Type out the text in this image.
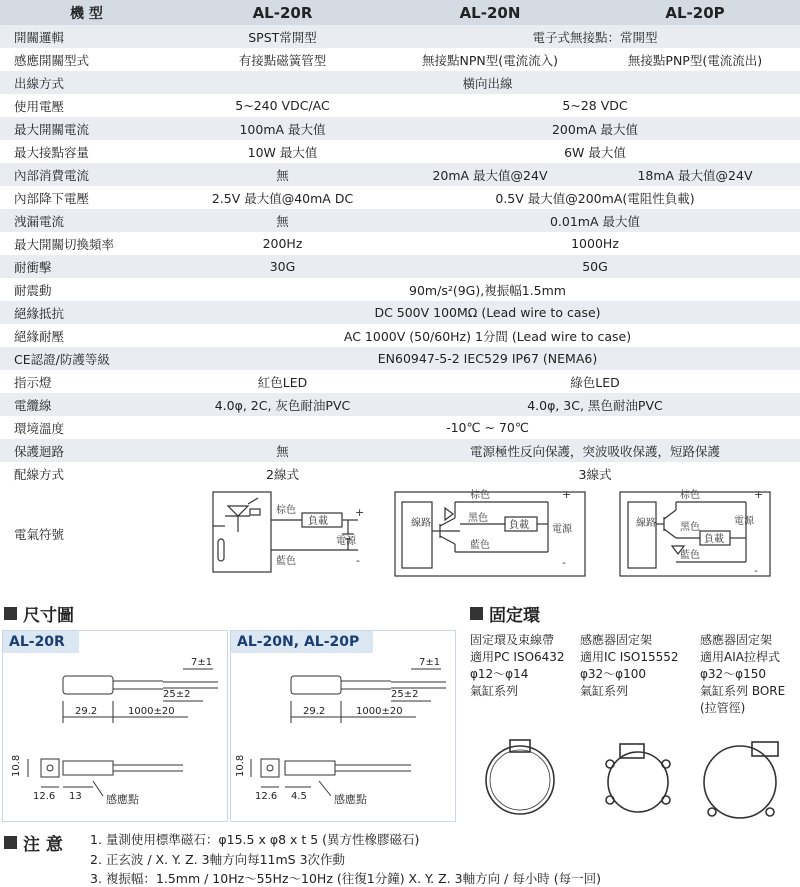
機 型	AL-20R	AL-20N	AL-20P
開關邏輯	SPST常開型	電子式無接點：常開型
感應開關型式	有接點磁簧管型	無接點NPN型(電流流入)	無接點PNP型(電流流出)
出線方式	橫向出線
使用電壓	5~240 VDC/AC	5~28 VDC
最大開關電流	100mA 最大值	200mA 最大值
最大接點容量	10W 最大值	6W 最大值
內部消費電流	無	20mA 最大值@24V	18mA 最大值@24V
內部降下電壓	2.5V 最大值@40mA DC	0.5V 最大值@200mA(電阻性負載)
洩漏電流	無	0.01mA 最大值
最大開關切換頻率	200Hz	1000Hz
耐衝擊	30G	50G
耐震動	90m/s²(9G),複振幅1.5mm
絕緣抵抗	DC 500V 100MΩ (Lead wire to case)
絕緣耐壓	AC 1000V (50/60Hz) 1分間 (Lead wire to case)
CE認證/防護等級	EN60947-5-2 IEC529 IP67 (NEMA6)
指示燈	紅色LED	綠色LED
電纜線	4.0φ, 2C, 灰色耐油PVC	4.0φ, 3C, 黑色耐油PVC
環境溫度	-10℃ ~ 70℃
保護迴路	無	電源極性反向保護，突波吸收保護，短路保護
配線方式	2線式	3線式
電氣符號
棕色
負載
電源
藍色
+
-
棕色
黑色
負載 電源
藍色
線路
+
-
棕色
黑色
負載
電源
藍色
線路
+
-
尺寸圖
AL-20R
7±1
25±2
29.2	1000±20
10.8
12.6 13 感應點
AL-20N, AL-20P
7±1
25±2
29.2	1000±20
10.8
12.6 4.5 感應點
固定環
固定環及束線帶
適用PC ISO6432
φ12～φ14
氣缸系列
感應器固定架
適用IC ISO15552
φ32～φ100
氣缸系列
感應器固定架
適用AIA拉桿式
φ32～φ150
氣缸系列 BORE
(拉管徑)
注 意 1. 量測使用標準磁石：φ15.5 x φ8 x t 5 (異方性橡膠磁石)
2. 正玄波 / X. Y. Z. 3軸方向每11mS 3次作動
3. 複振幅：1.5mm / 10Hz～55Hz～10Hz (往復1分鐘) X. Y. Z. 3軸方向 / 每小時 (每一回)
